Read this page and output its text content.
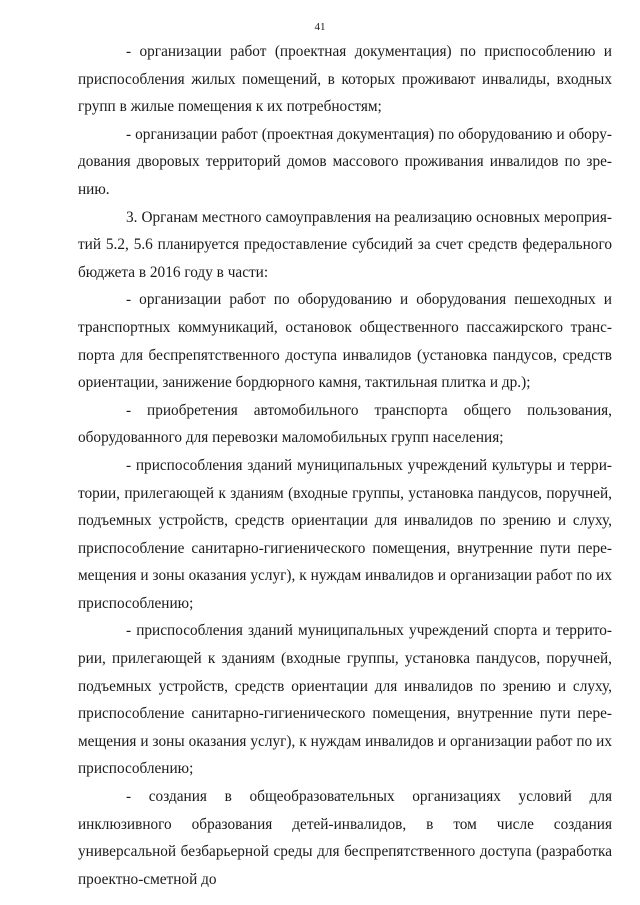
41

- организации работ (проектная документация) по приспособлению и приспособления жилых помещений, в которых проживают инвалиды, входных групп в жилые помещения к их потребностям;

- организации работ (проектная документация) по оборудованию и оборудования дворовых территорий домов массового проживания инвалидов по зрению.

3. Органам местного самоуправления на реализацию основных мероприятий 5.2, 5.6 планируется предоставление субсидий за счет средств федерального бюджета в 2016 году в части:

- организации работ по оборудованию и оборудования пешеходных и транспортных коммуникаций, остановок общественного пассажирского транспорта для беспрепятственного доступа инвалидов (установка пандусов, средств ориентации, занижение бордюрного камня, тактильная плитка и др.);

- приобретения автомобильного транспорта общего пользования, оборудованного для перевозки маломобильных групп населения;

- приспособления зданий муниципальных учреждений культуры и территории, прилегающей к зданиям (входные группы, установка пандусов, поручней, подъемных устройств, средств ориентации для инвалидов по зрению и слуху, приспособление санитарно-гигиенического помещения, внутренние пути перемещения и зоны оказания услуг), к нуждам инвалидов и организации работ по их приспособлению;

- приспособления зданий муниципальных учреждений спорта и территории, прилегающей к зданиям (входные группы, установка пандусов, поручней, подъемных устройств, средств ориентации для инвалидов по зрению и слуху, приспособление санитарно-гигиенического помещения, внутренние пути перемещения и зоны оказания услуг), к нуждам инвалидов и организации работ по их приспособлению;

- создания в общеобразовательных организациях условий для инклюзивного образования детей-инвалидов, в том числе создания универсальной безбарьерной среды для беспрепятственного доступа (разработка проектно-сметной до
